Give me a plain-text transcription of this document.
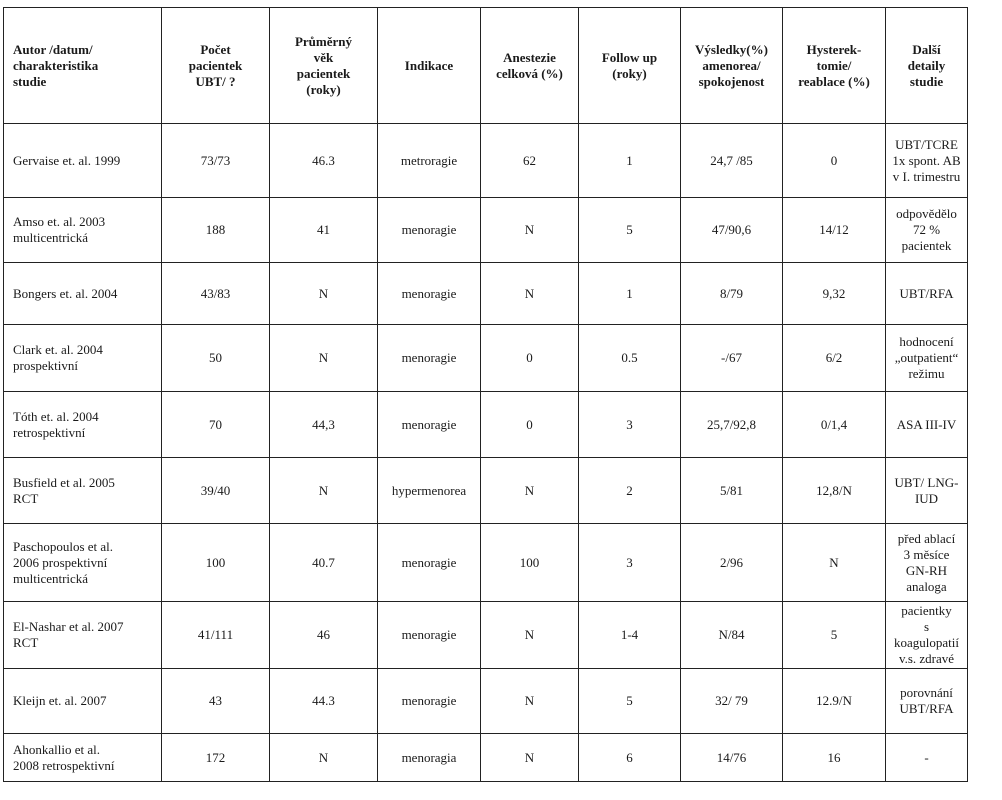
Autor /datum/
charakteristika
studie	Počet
pacientek
UBT/ ?	Průměrný
věk
pacientek
(roky)	Indikace	Anestezie
celková (%)	Follow up
(roky)	Výsledky(%)
amenorea/
spokojenost	Hysterek-
tomie/
reablace (%)	Další
detaily
studie
Gervaise et. al. 1999	73/73	46.3	metroragie	62	1	24,7 /85	0	UBT/TCRE
1x spont. AB
v I. trimestru
Amso et. al. 2003
multicentrická	188	41	menoragie	N	5	47/90,6	14/12	odpovědělo
72 %
pacientek
Bongers et. al. 2004	43/83	N	menoragie	N	1	8/79	9,32	UBT/RFA
Clark et. al. 2004
prospektivní	50	N	menoragie	0	0.5	-/67	6/2	hodnocení
„outpatient“
režimu
Tóth et. al. 2004
retrospektivní	70	44,3	menoragie	0	3	25,7/92,8	0/1,4	ASA III-IV
Busfield et al. 2005
RCT	39/40	N	hypermenorea	N	2	5/81	12,8/N	UBT/ LNG-
IUD
Paschopoulos et al.
2006 prospektivní
multicentrická	100	40.7	menoragie	100	3	2/96	N	před ablací
3 měsíce
GN-RH
analoga
El-Nashar et al. 2007
RCT	41/111	46	menoragie	N	1-4	N/84	5	pacientky
s koagulopatií
v.s. zdravé
Kleijn et. al. 2007	43	44.3	menoragie	N	5	32/ 79	12.9/N	porovnání
UBT/RFA
Ahonkallio et al.
2008 retrospektivní	172	N	menoragia	N	6	14/76	16	-
